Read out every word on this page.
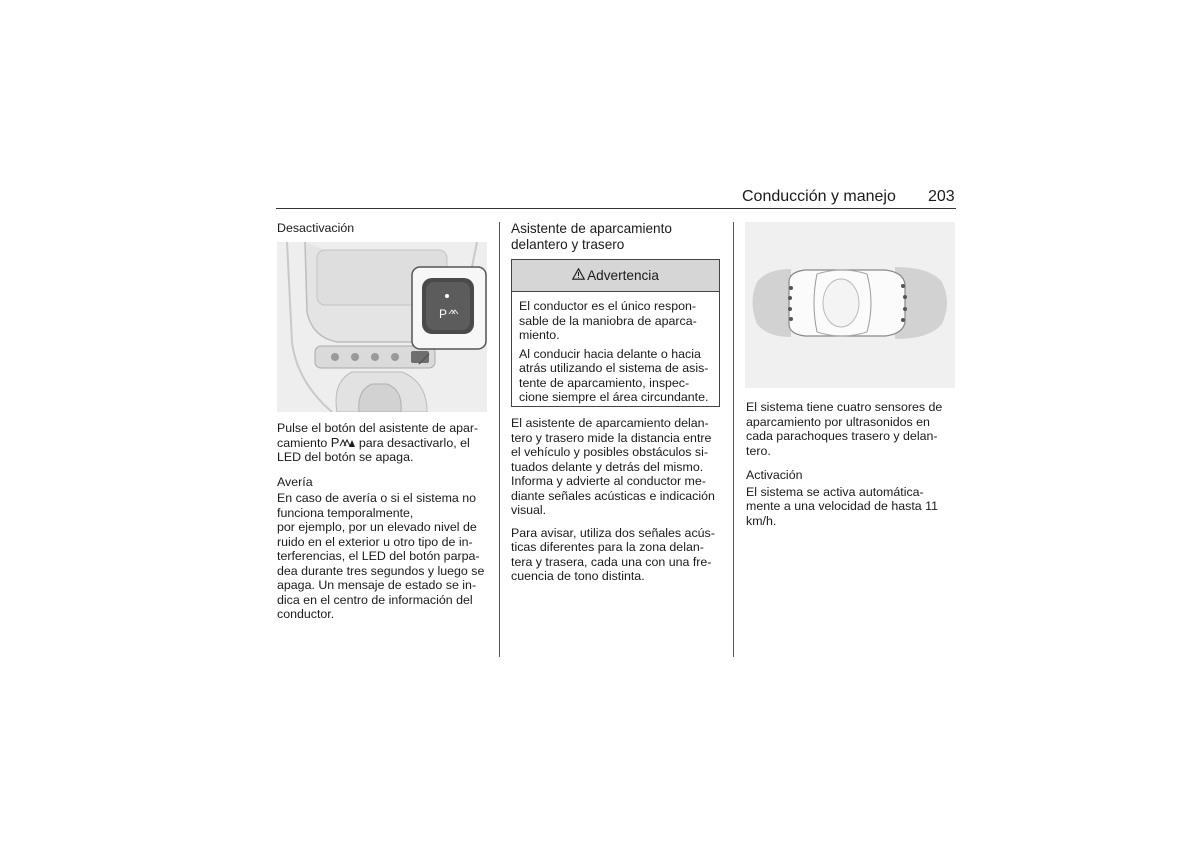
Conducción y manejo 203
Desactivación
P

Pulse el botón del asistente de apar-
camiento P para desactivarlo, el
LED del botón se apaga.

Avería

En caso de avería o si el sistema no
funciona temporalmente,
por ejemplo, por un elevado nivel de
ruido en el exterior u otro tipo de in-
terferencias, el LED del botón parpa-
dea durante tres segundos y luego se
apaga. Un mensaje de estado se in-
dica en el centro de información del
conductor.

Asistente de aparcamiento
delantero y trasero
Advertencia

El conductor es el único respon-
sable de la maniobra de aparca-
miento.

Al conducir hacia delante o hacia
atrás utilizando el sistema de asis-
tente de aparcamiento, inspec-
cione siempre el área circundante.

El asistente de aparcamiento delan-
tero y trasero mide la distancia entre
el vehículo y posibles obstáculos si-
tuados delante y detrás del mismo.
Informa y advierte al conductor me-
diante señales acústicas e indicación
visual.

Para avisar, utiliza dos señales acús-
ticas diferentes para la zona delan-
tera y trasera, cada una con una fre-
cuencia de tono distinta.

El sistema tiene cuatro sensores de
aparcamiento por ultrasonidos en
cada parachoques trasero y delan-
tero.

Activación

El sistema se activa automática-
mente a una velocidad de hasta 11
km/h.
